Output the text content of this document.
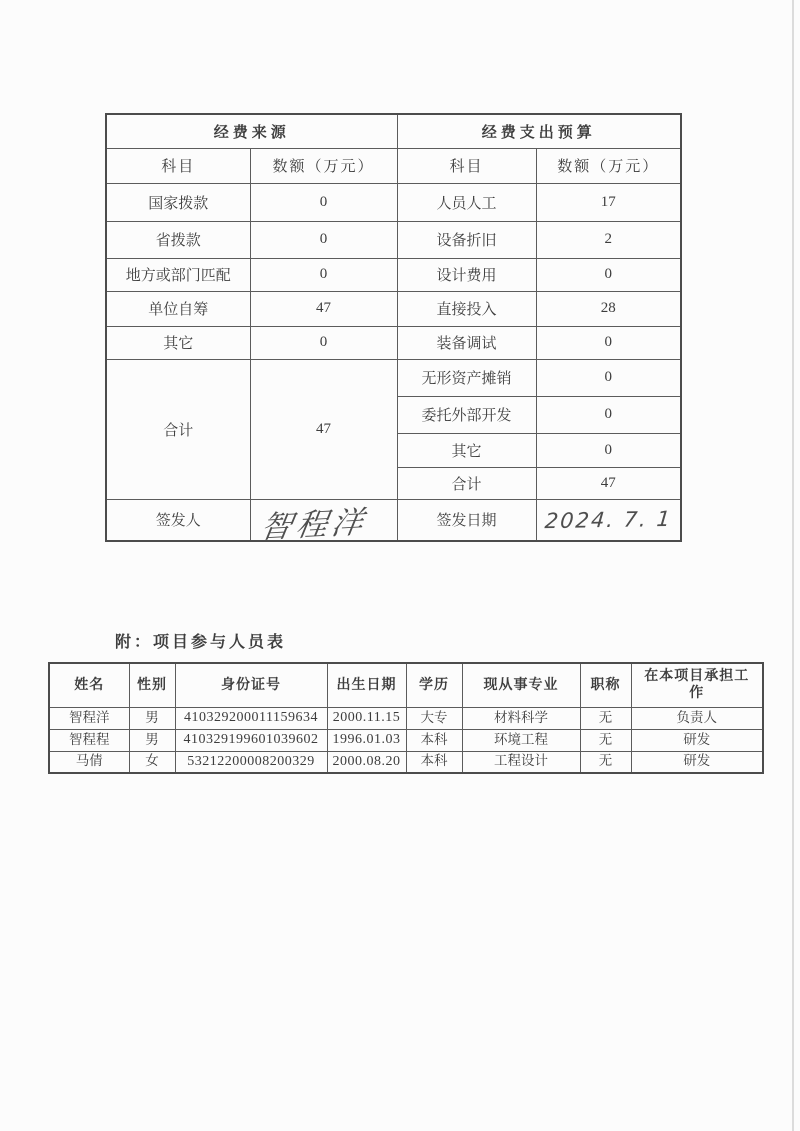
经费来源		经费支出预算	
科目	数额（万元）	科目	数额（万元）
国家拨款	0	人员人工	17
省拨款	0	设备折旧	2
地方或部门匹配	0	设计费用	0
单位自筹	47	直接投入	28
其它	0	装备调试	0
合计	47	无形资产摊销	0
		委托外部开发	0
		其它	0
		合计	47
签发人	智程洋	签发日期	2024. 7. 1
附：项目参与人员表
姓名	性别	身份证号	出生日期	学历	现从事专业	职称	在本项目承担工作
智程洋	男	410329200011159634	2000.11.15	大专	材料科学	无	负责人
智程程	男	410329199601039602	1996.01.03	本科	环境工程	无	研发
马倩	女	53212200008200329	2000.08.20	本科	工程设计	无	研发
